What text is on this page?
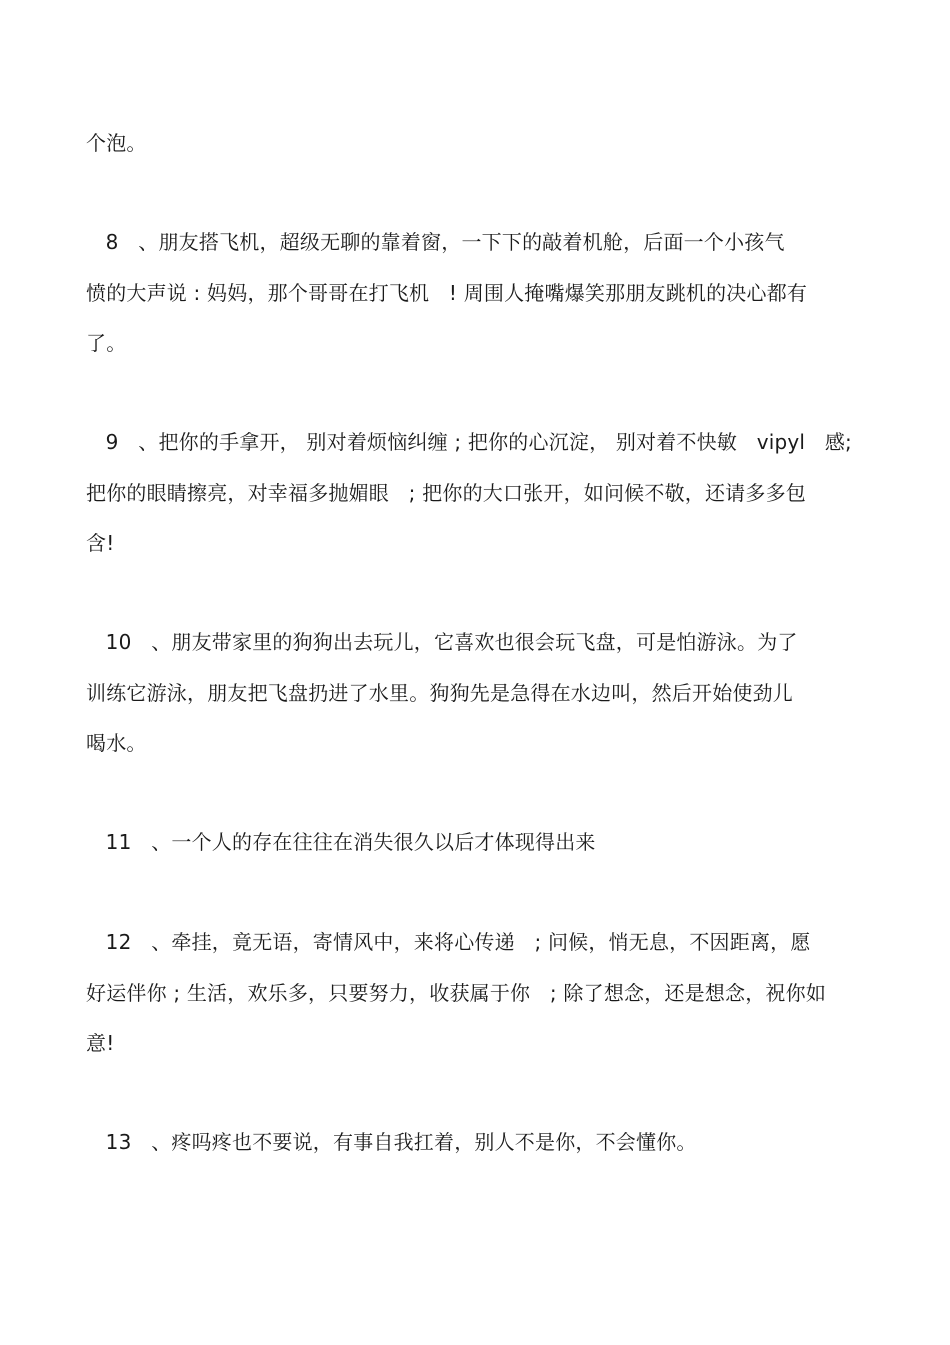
个泡。
8   、朋友搭飞机，超级无聊的靠着窗，一下下的敲着机舱，后面一个小孩气
愤的大声说 : 妈妈，那个哥哥在打飞机   ! 周围人掩嘴爆笑那朋友跳机的决心都有
了。
9   、把你的手拿开， 别对着烦恼纠缠 ; 把你的心沉淀， 别对着不快敏   vipyl   感;
把你的眼睛擦亮，对幸福多抛媚眼   ; 把你的大口张开，如问候不敬，还请多多包
含!
10   、朋友带家里的狗狗出去玩儿，它喜欢也很会玩飞盘，可是怕游泳。为了
训练它游泳，朋友把飞盘扔进了水里。狗狗先是急得在水边叫，然后开始使劲儿
喝水。
11   、一个人的存在往往在消失很久以后才体现得出来
12   、牵挂，竟无语，寄情风中，来将心传递   ; 问候，悄无息，不因距离，愿
好运伴你 ; 生活，欢乐多，只要努力，收获属于你   ; 除了想念，还是想念，祝你如
意!
13   、疼吗疼也不要说，有事自我扛着，别人不是你，不会懂你。
